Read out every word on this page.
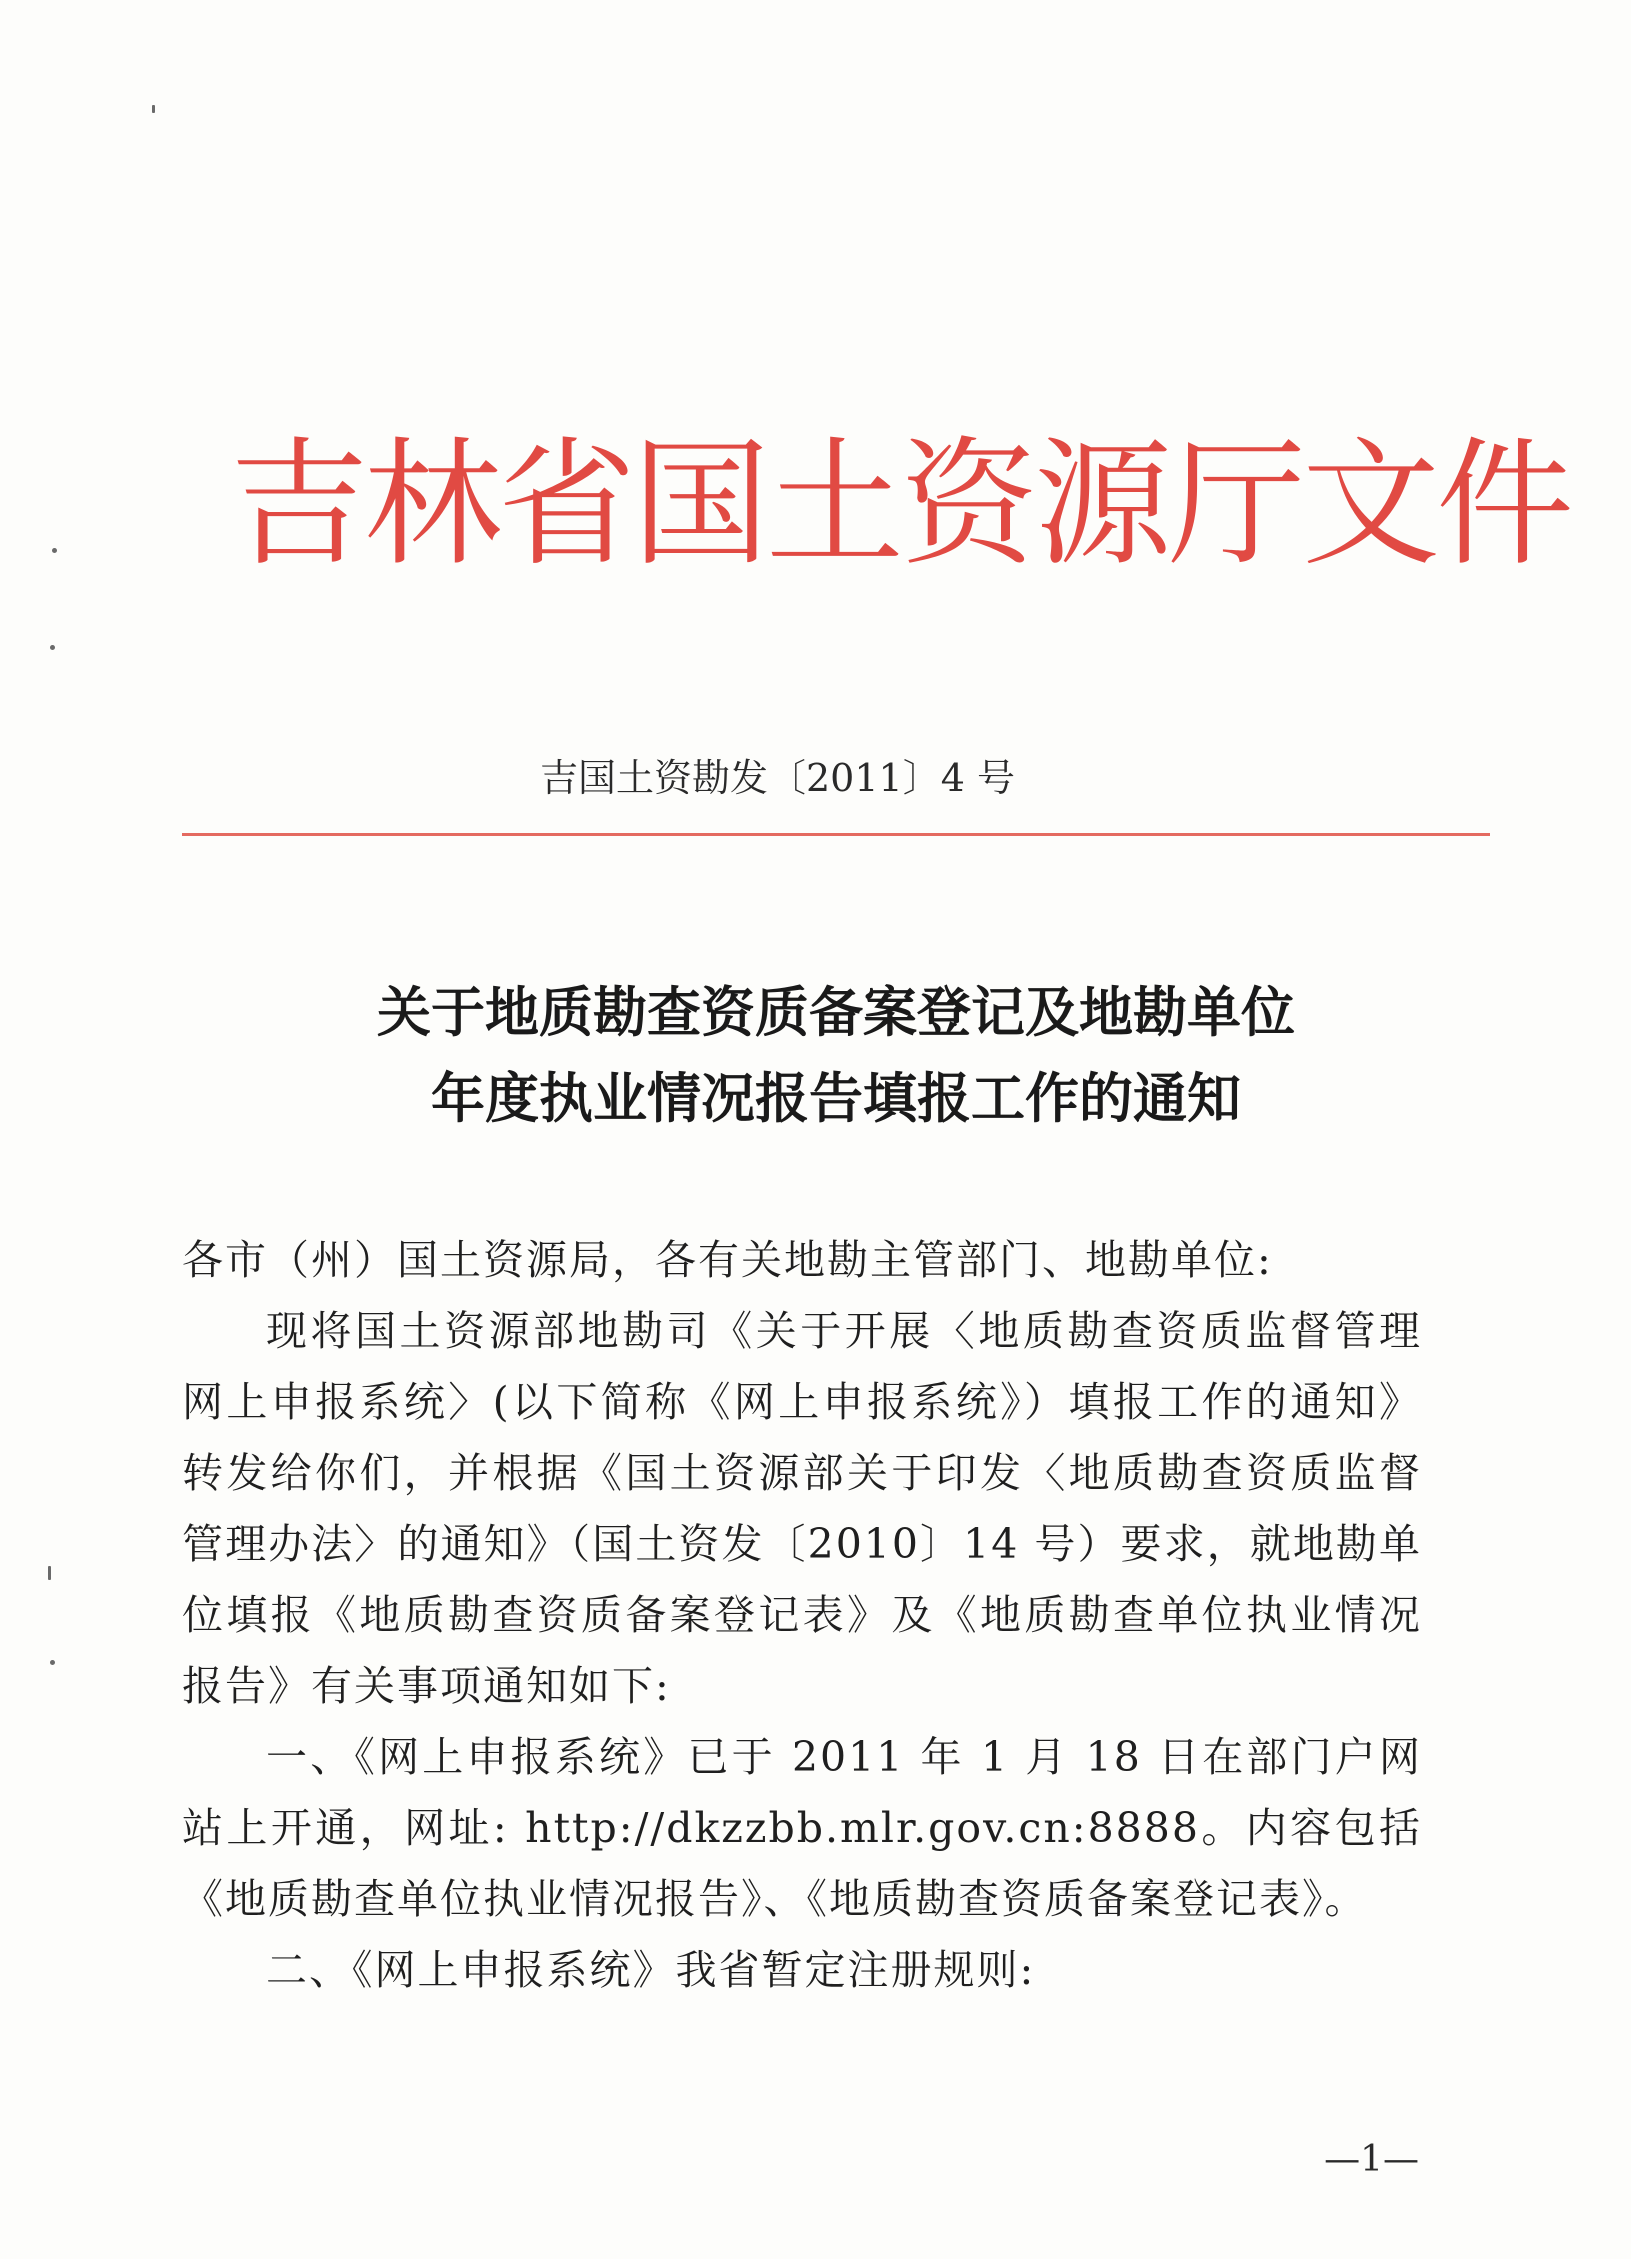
吉林省国土资源厅文件
吉国土资勘发〔2011〕4 号
关于地质勘查资质备案登记及地勘单位
年度执业情况报告填报工作的通知

各市（州）国土资源局，各有关地勘主管部门、地勘单位:

现将国土资源部地勘司《关于开展〈地质勘查资质监督管理网上申报系统〉(以下简称《网上申报系统》）填报工作的通知》转发给你们，并根据《国土资源部关于印发〈地质勘查资质监督管理办法〉的通知》（国土资发〔2010〕14 号）要求，就地勘单位填报《地质勘查资质备案登记表》及《地质勘查单位执业情况报告》有关事项通知如下:

一、《网上申报系统》已于 2011 年 1 月 18 日在部门户网站上开通，网址: http://dkzzbb.mlr.gov.cn:8888。内容包括《地质勘查单位执业情况报告》、《地质勘查资质备案登记表》。

二、《网上申报系统》我省暂定注册规则:

—1—
